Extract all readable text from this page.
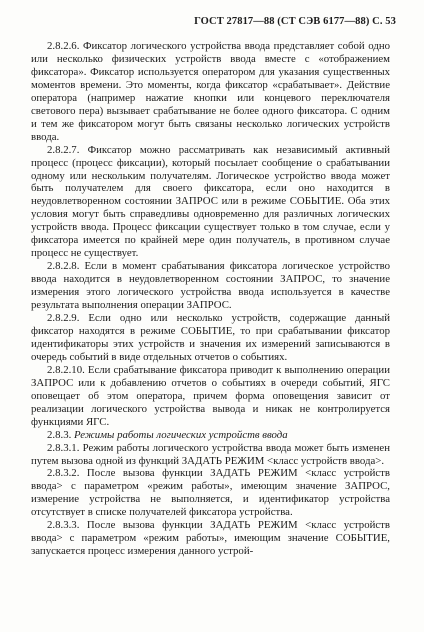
ГОСТ 27817—88 (СТ СЭВ 6177—88) С. 53

2.8.2.6. Фиксатор логического устройства ввода представляет собой одно или несколько физических устройств ввода вместе с «отображением фиксатора». Фиксатор используется оператором для указания существенных моментов времени. Это моменты, когда фиксатор «срабатывает». Действие оператора (например нажатие кнопки или концевого переключателя светового пера) вызывает срабатывание не более одного фиксатора. С одним и тем же фиксатором могут быть связаны несколько логических устройств ввода.

2.8.2.7. Фиксатор можно рассматривать как независимый активный процесс (процесс фиксации), который посылает сообщение о срабатывании одному или нескольким получателям. Логическое устройство ввода может быть получателем для своего фиксатора, если оно находится в неудовлетворенном состоянии ЗАПРОС или в режиме СОБЫТИЕ. Оба этих условия могут быть справедливы одновременно для различных логических устройств ввода. Процесс фиксации существует только в том случае, если у фиксатора имеется по крайней мере один получатель, в противном случае процесс не существует.

2.8.2.8. Если в момент срабатывания фиксатора логическое устройство ввода находится в неудовлетворенном состоянии ЗАПРОС, то значение измерения этого логического устройства ввода используется в качестве результата выполнения операции ЗАПРОС.

2.8.2.9. Если одно или несколько устройств, содержащие данный фиксатор находятся в режиме СОБЫТИЕ, то при срабатывании фиксатор идентификаторы этих устройств и значения их измерений записываются в очередь событий в виде отдельных отчетов о событиях.

2.8.2.10. Если срабатывание фиксатора приводит к выполнению операции ЗАПРОС или к добавлению отчетов о событиях в очереди событий, ЯГС оповещает об этом оператора, причем форма оповещения зависит от реализации логического устройства вывода и никак не контролируется функциями ЯГС.

2.8.3. Режимы работы логических устройств ввода

2.8.3.1. Режим работы логического устройства ввода может быть изменен путем вызова одной из функций ЗАДАТЬ РЕЖИМ <класс устройств ввода>.

2.8.3.2. После вызова функции ЗАДАТЬ РЕЖИМ <класс устройств ввода> с параметром «режим работы», имеющим значение ЗАПРОС, измерение устройства не выполняется, и идентификатор устройства отсутствует в списке получателей фиксатора устройства.

2.8.3.3. После вызова функции ЗАДАТЬ РЕЖИМ <класс устройств ввода> с параметром «режим работы», имеющим значение СОБЫТИЕ, запускается процесс измерения данного устрой-
